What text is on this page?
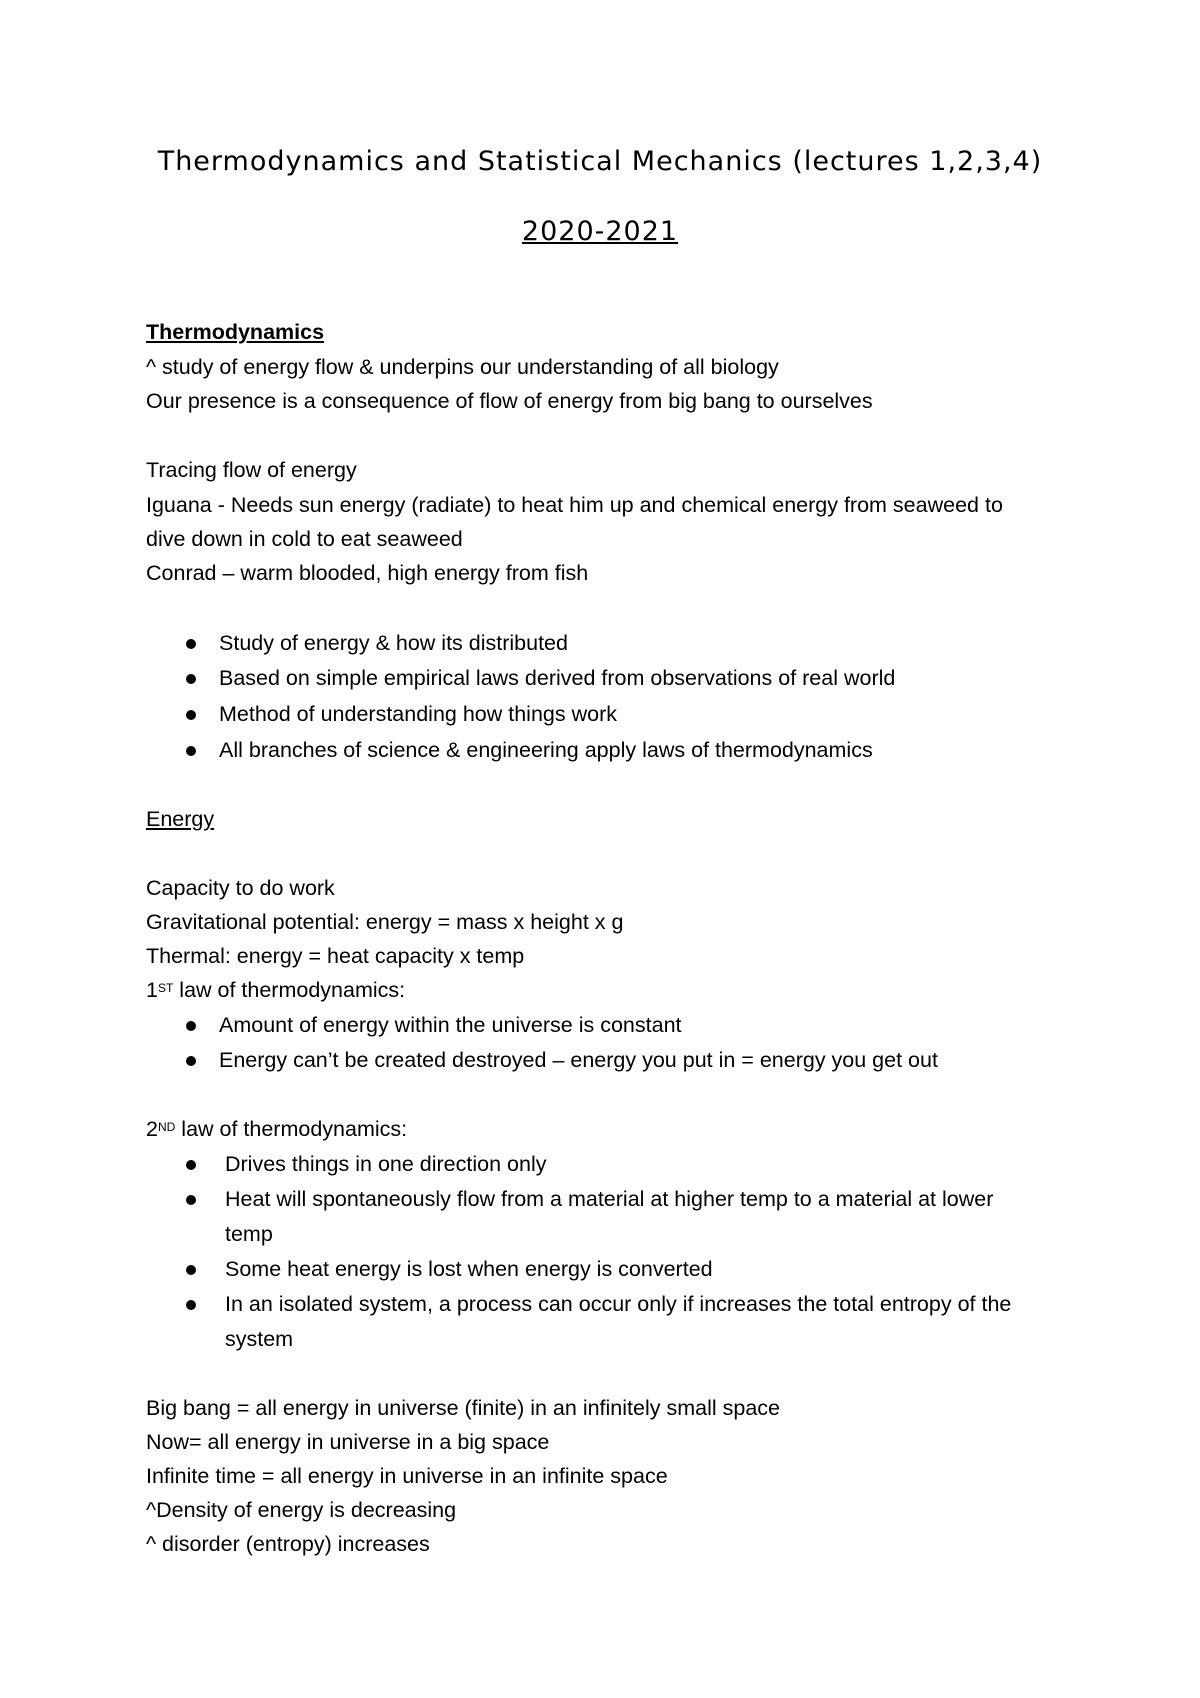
Thermodynamics and Statistical Mechanics (lectures 1,2,3,4)
2020-2021
Thermodynamics
^ study of energy flow & underpins our understanding of all biology
Our presence is a consequence of flow of energy from big bang to ourselves
Tracing flow of energy
Iguana - Needs sun energy (radiate) to heat him up and chemical energy from seaweed to
dive down in cold to eat seaweed
Conrad – warm blooded, high energy from fish
Study of energy & how its distributed
Based on simple empirical laws derived from observations of real world
Method of understanding how things work
All branches of science & engineering apply laws of thermodynamics
Energy
Capacity to do work
Gravitational potential: energy = mass x height x g
Thermal: energy = heat capacity x temp
1ST law of thermodynamics:
Amount of energy within the universe is constant
Energy can’t be created destroyed – energy you put in = energy you get out
2ND law of thermodynamics:
Drives things in one direction only
Heat will spontaneously flow from a material at higher temp to a material at lower
temp
Some heat energy is lost when energy is converted
In an isolated system, a process can occur only if increases the total entropy of the
system
Big bang = all energy in universe (finite) in an infinitely small space
Now= all energy in universe in a big space
Infinite time = all energy in universe in an infinite space
^Density of energy is decreasing
^ disorder (entropy) increases
